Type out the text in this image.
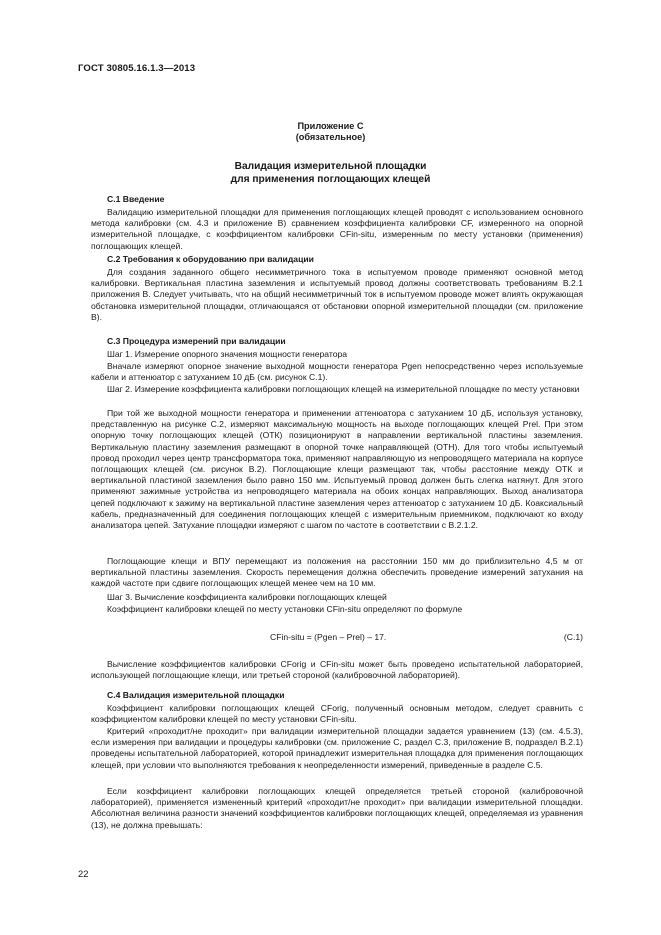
ГОСТ 30805.16.1.3—2013
Приложение С
(обязательное)
Валидация измерительной площадки
для применения поглощающих клещей
С.1 Введение

Валидацию измерительной площадки для применения поглощающих клещей проводят с использованием основного метода калибровки (см. 4.3 и приложение В) сравнением коэффициента калибровки CF, измеренного на опорной измерительной площадке, с коэффициентом калибровки CFin-situ, измеренным по месту установки (применения) поглощающих клещей.

С.2 Требования к оборудованию при валидации

Для создания заданного общего несимметричного тока в испытуемом проводе применяют основной метод калибровки. Вертикальная пластина заземления и испытуемый провод должны соответствовать требованиям В.2.1 приложения В. Следует учитывать, что на общий несимметричный ток в испытуемом проводе может влиять окружающая обстановка измерительной площадки, отличающаяся от обстановки опорной измерительной площадки (см. приложение В).

С.3 Процедура измерений при валидации

Шаг 1. Измерение опорного значения мощности генератора

Вначале измеряют опорное значение выходной мощности генератора Pgen непосредственно через используемые кабели и аттенюатор с затуханием 10 дБ (см. рисунок С.1).

Шаг 2. Измерение коэффициента калибровки поглощающих клещей на измерительной площадке по месту установки

При той же выходной мощности генератора и применении аттенюатора с затуханием 10 дБ, используя установку, представленную на рисунке С.2, измеряют максимальную мощность на выходе поглощающих клещей Prel. При этом опорную точку поглощающих клещей (ОТК) позиционируют в направлении вертикальной пластины заземления. Вертикальную пластину заземления размещают в опорной точке направляющей (ОТН). Для того чтобы испытуемый провод проходил через центр трансформатора тока, применяют направляющую из непроводящего материала на корпусе поглощающих клещей (см. рисунок В.2). Поглощающие клещи размещают так, чтобы расстояние между ОТК и вертикальной пластиной заземления было равно 150 мм. Испытуемый провод должен быть слегка натянут. Для этого применяют зажимные устройства из непроводящего материала на обоих концах направляющих. Выход анализатора цепей подключают к зажиму на вертикальной пластине заземления через аттенюатор с затуханием 10 дБ. Коаксиальный кабель, предназначенный для соединения поглощающих клещей с измерительным приемником, подключают ко входу анализатора цепей. Затухание площадки измеряют с шагом по частоте в соответствии с В.2.1.2.

Поглощающие клещи и ВПУ перемещают из положения на расстоянии 150 мм до приблизительно 4,5 м от вертикальной пластины заземления. Скорость перемещения должна обеспечить проведение измерений затухания на каждой частоте при сдвиге поглощающих клещей менее чем на 10 мм.

Шаг 3. Вычисление коэффициента калибровки поглощающих клещей

Коэффициент калибровки клещей по месту установки CFin-situ определяют по формуле

CFin-situ = (Pgen – Prel) – 17.	(С.1)

Вычисление коэффициентов калибровки CForig и CFin-situ может быть проведено испытательной лабораторией, использующей поглощающие клещи, или третьей стороной (калибровочной лабораторией).

С.4 Валидация измерительной площадки

Коэффициент калибровки поглощающих клещей CForig, полученный основным методом, следует сравнить с коэффициентом калибровки клещей по месту установки CFin-situ.

Критерий «проходит/не проходит» при валидации измерительной площадки задается уравнением (13) (см. 4.5.3), если измерения при валидации и процедуры калибровки (см. приложение С, раздел С.3, приложение В, подраздел В.2.1) проведены испытательной лабораторией, которой принадлежит измерительная площадка для применения поглощающих клещей, при условии что выполняются требования к неопределенности измерений, приведенные в разделе С.5.

Если коэффициент калибровки поглощающих клещей определяется третьей стороной (калибровочной лабораторией), применяется измененный критерий «проходит/не проходит» при валидации измерительной площадки. Абсолютная величина разности значений коэффициентов калибровки поглощающих клещей, определяемая из уравнения (13), не должна превышать:

22
